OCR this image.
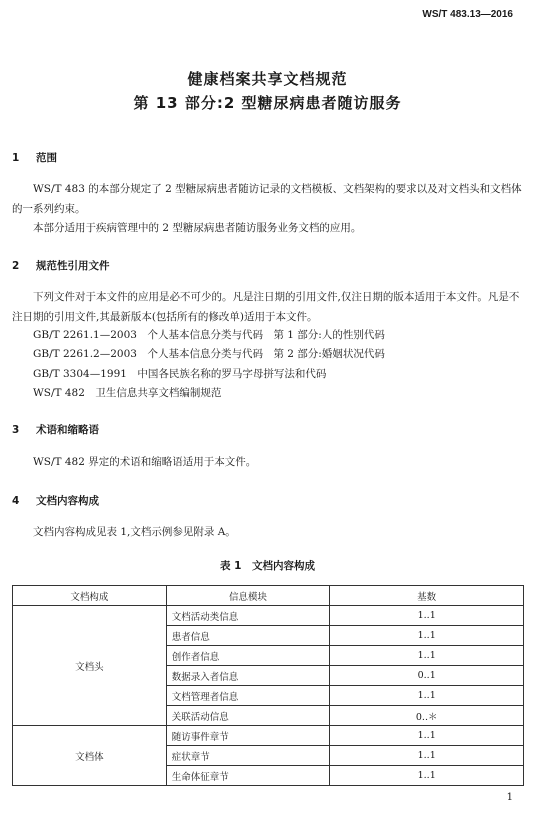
WS/T 483.13—2016
健康档案共享文档规范
第 13 部分:2 型糖尿病患者随访服务
1 范围
WS/T 483 的本部分规定了 2 型糖尿病患者随访记录的文档模板、文档架构的要求以及对文档头和文档体的一系列约束。
本部分适用于疾病管理中的 2 型糖尿病患者随访服务业务文档的应用。
2 规范性引用文件
下列文件对于本文件的应用是必不可少的。凡是注日期的引用文件,仅注日期的版本适用于本文件。凡是不注日期的引用文件,其最新版本(包括所有的修改单)适用于本文件。
GB/T 2261.1—2003　个人基本信息分类与代码　第 1 部分:人的性别代码
GB/T 2261.2—2003　个人基本信息分类与代码　第 2 部分:婚姻状况代码
GB/T 3304—1991　中国各民族名称的罗马字母拼写法和代码
WS/T 482　卫生信息共享文档编制规范
3 术语和缩略语
WS/T 482 界定的术语和缩略语适用于本文件。
4 文档内容构成
文档内容构成见表 1,文档示例参见附录 A。
表 1　文档内容构成
文档构成	信息模块	基数
文档头	文档活动类信息	1..1
	患者信息	1..1
	创作者信息	1..1
	数据录入者信息	0..1
	文档管理者信息	1..1
	关联活动信息	0..＊
文档体	随访事件章节	1..1
	症状章节	1..1
	生命体征章节	1..1
1
